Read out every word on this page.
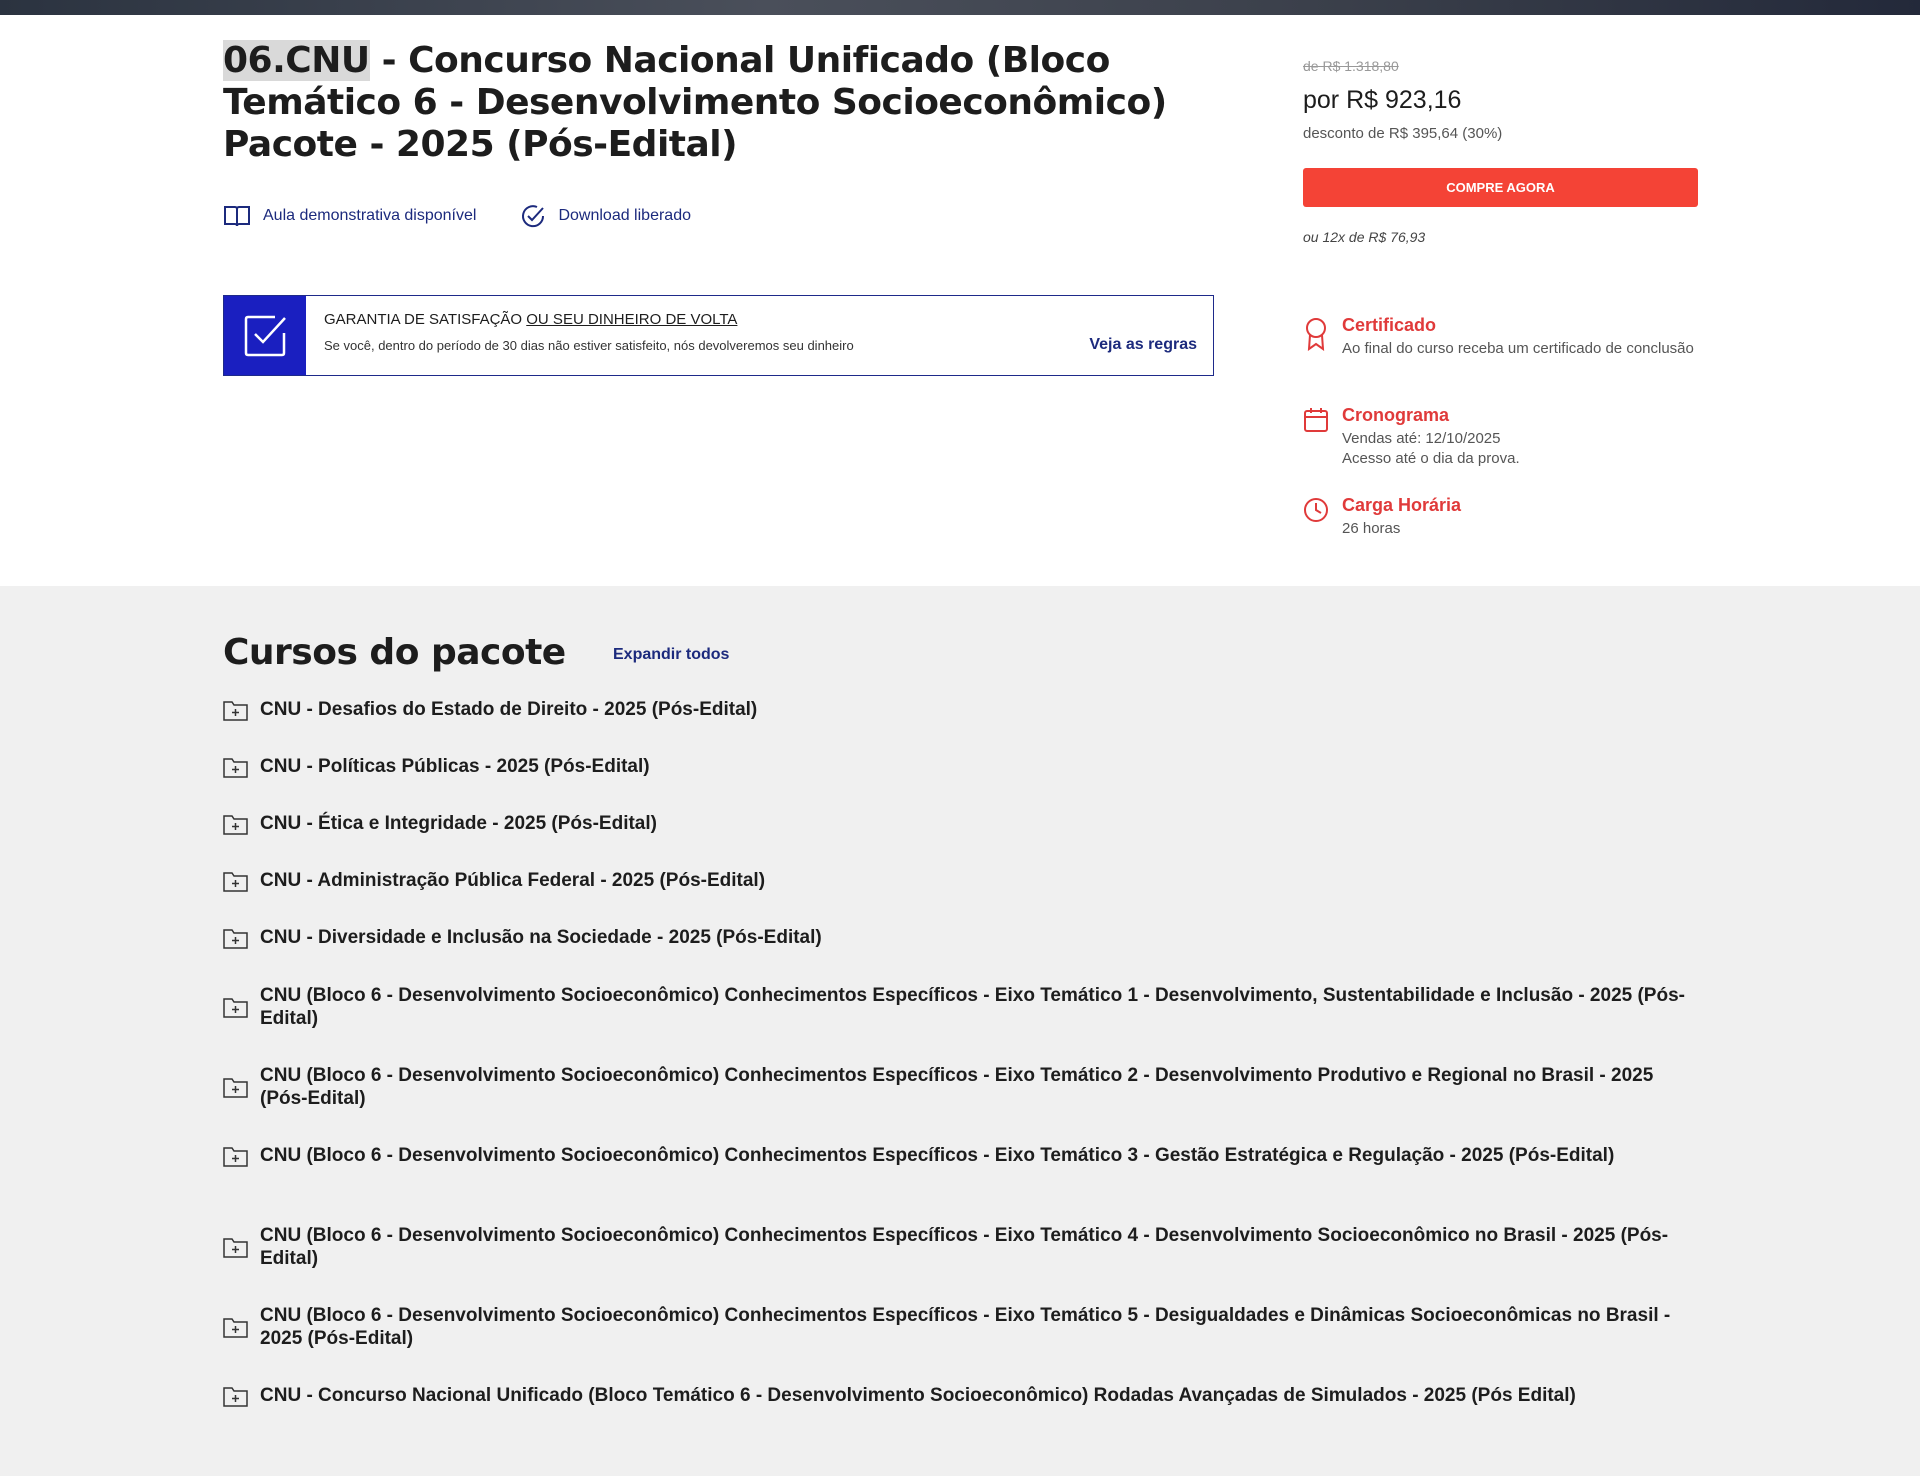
06.CNU - Concurso Nacional Unificado (Bloco Temático 6 - Desenvolvimento Socioeconômico) Pacote - 2025 (Pós-Edital)
Aula demonstrativa disponível	Download liberado
GARANTIA DE SATISFAÇÃO OU SEU DINHEIRO DE VOLTA
Se você, dentro do período de 30 dias não estiver satisfeito, nós devolveremos seu dinheiro	Veja as regras
de R$ 1.318,80
por R$ 923,16
desconto de R$ 395,64 (30%)
COMPRE AGORA
ou 12x de R$ 76,93
Certificado
Ao final do curso receba um certificado de conclusão
Cronograma
Vendas até: 12/10/2025
Acesso até o dia da prova.
Carga Horária
26 horas
Cursos do pacote	Expandir todos
CNU - Desafios do Estado de Direito - 2025 (Pós-Edital)
CNU - Políticas Públicas - 2025 (Pós-Edital)
CNU - Ética e Integridade - 2025 (Pós-Edital)
CNU - Administração Pública Federal - 2025 (Pós-Edital)
CNU - Diversidade e Inclusão na Sociedade - 2025 (Pós-Edital)
CNU (Bloco 6 - Desenvolvimento Socioeconômico) Conhecimentos Específicos - Eixo Temático 1 - Desenvolvimento, Sustentabilidade e Inclusão - 2025 (Pós-Edital)
CNU (Bloco 6 - Desenvolvimento Socioeconômico) Conhecimentos Específicos - Eixo Temático 2 - Desenvolvimento Produtivo e Regional no Brasil - 2025 (Pós-Edital)
CNU (Bloco 6 - Desenvolvimento Socioeconômico) Conhecimentos Específicos - Eixo Temático 3 - Gestão Estratégica e Regulação - 2025 (Pós-Edital)
CNU (Bloco 6 - Desenvolvimento Socioeconômico) Conhecimentos Específicos - Eixo Temático 4 - Desenvolvimento Socioeconômico no Brasil - 2025 (Pós-Edital)
CNU (Bloco 6 - Desenvolvimento Socioeconômico) Conhecimentos Específicos - Eixo Temático 5 - Desigualdades e Dinâmicas Socioeconômicas no Brasil - 2025 (Pós-Edital)
CNU - Concurso Nacional Unificado (Bloco Temático 6 - Desenvolvimento Socioeconômico) Rodadas Avançadas de Simulados - 2025 (Pós Edital)
